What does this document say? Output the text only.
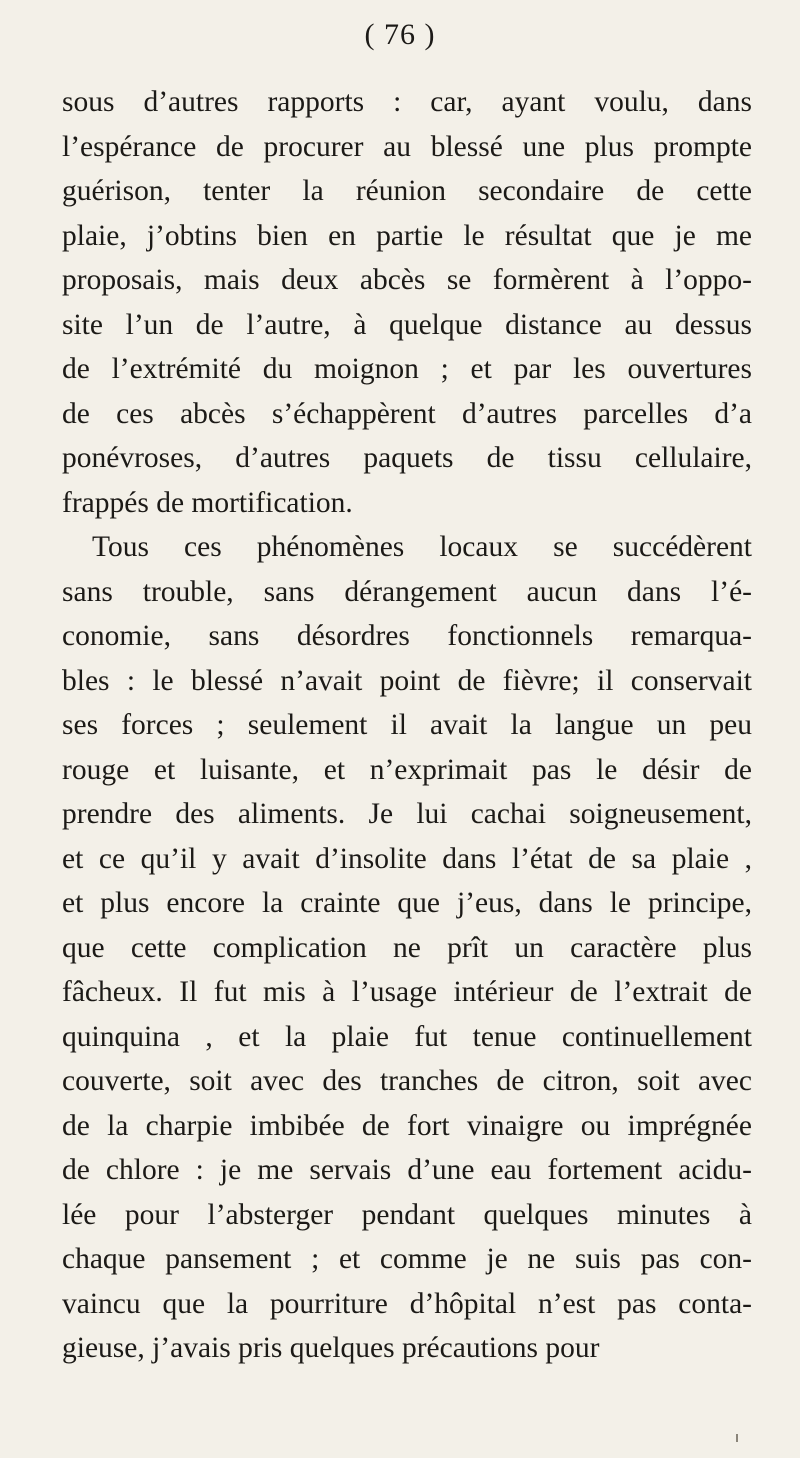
( 76 )
sous d’autres rapports : car, ayant voulu, dans
l’espérance de procurer au blessé une plus prompte
guérison, tenter la réunion secondaire de cette
plaie, j’obtins bien en partie le résultat que je me
proposais, mais deux abcès se formèrent à l’oppo-
site l’un de l’autre, à quelque distance au dessus
de l’extrémité du moignon ; et par les ouvertures
de ces abcès s’échappèrent d’autres parcelles d’a
ponévroses, d’autres paquets de tissu cellulaire,
frappés de mortification.
Tous ces phénomènes locaux se succédèrent
sans trouble, sans dérangement aucun dans l’é-
conomie, sans désordres fonctionnels remarqua-
bles : le blessé n’avait point de fièvre; il conservait
ses forces ; seulement il avait la langue un peu
rouge et luisante, et n’exprimait pas le désir de
prendre des aliments. Je lui cachai soigneusement,
et ce qu’il y avait d’insolite dans l’état de sa plaie ,
et plus encore la crainte que j’eus, dans le principe,
que cette complication ne prît un caractère plus
fâcheux. Il fut mis à l’usage intérieur de l’extrait de
quinquina , et la plaie fut tenue continuellement
couverte, soit avec des tranches de citron, soit avec
de la charpie imbibée de fort vinaigre ou imprégnée
de chlore : je me servais d’une eau fortement acidu-
lée pour l’absterger pendant quelques minutes à
chaque pansement ; et comme je ne suis pas con-
vaincu que la pourriture d’hôpital n’est pas conta-
gieuse, j’avais pris quelques précautions pour
